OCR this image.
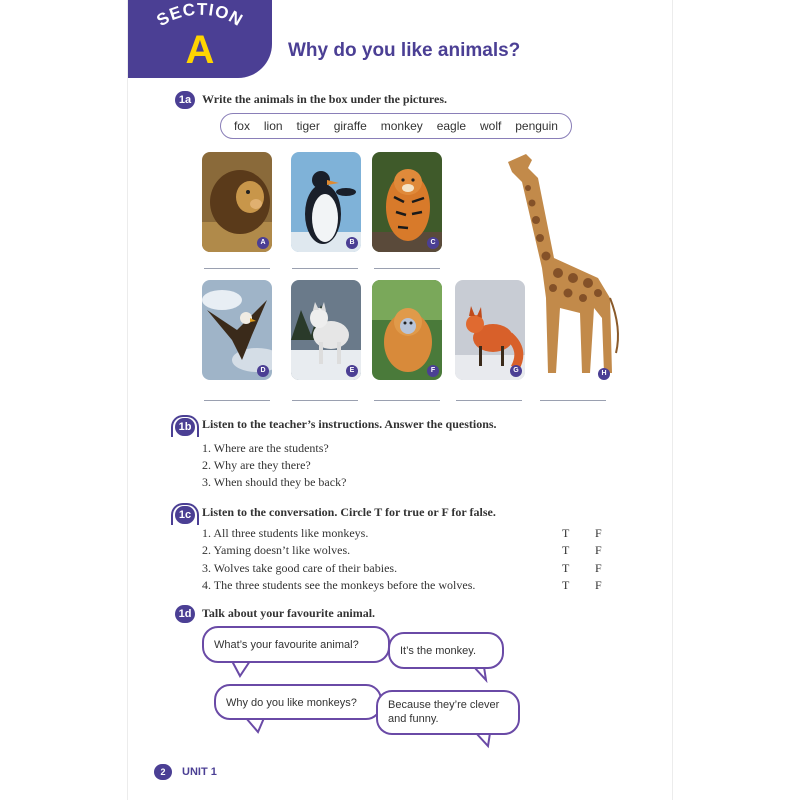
SECTION
A	Why do you like animals?
1a Write the animals in the box under the pictures.
fox lion tiger giraffe monkey eagle wolf penguin
A	B	C
D	E	F	G	H
1b Listen to the teacher’s instructions. Answer the questions.
1. Where are the students?
2. Why are they there?
3. When should they be back?
1c Listen to the conversation. Circle T for true or F for false.
1. All three students like monkeys.	T F
2. Yaming doesn’t like wolves.	T F
3. Wolves take good care of their babies.	T F
4. The three students see the monkeys before the wolves.	T F
1d Talk about your favourite animal.
What’s your favourite animal?	It’s the monkey.
Why do you like monkeys?	Because they’re clever and funny.
2	UNIT 1
